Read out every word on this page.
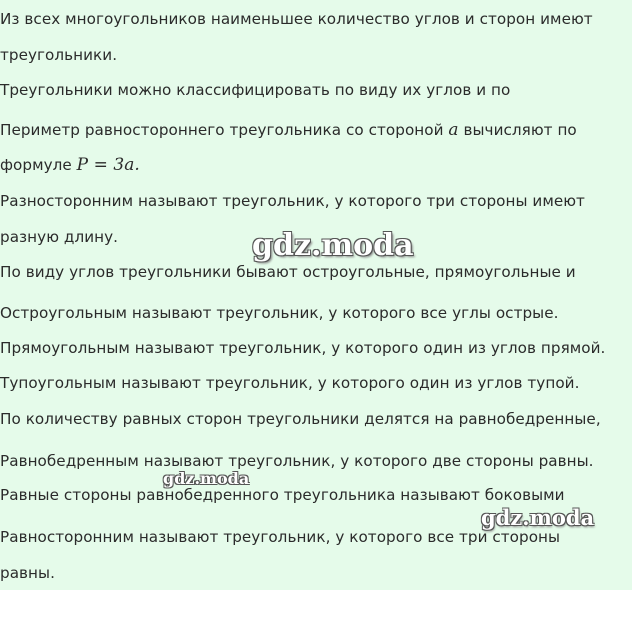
Из всех многоугольников наименьшее количество углов и сторон имеют

треугольники.

Треугольники можно классифицировать по виду их углов и по

Периметр равностороннего треугольника со стороной a вычисляют по

формуле P = 3a.

Разносторонним называют треугольник, у которого три стороны имеют

разную длину.

По виду углов треугольники бывают остроугольные, прямоугольные и

Остроугольным называют треугольник, у которого все углы острые.

Прямоугольным называют треугольник, у которого один из углов прямой.

Тупоугольным называют треугольник, у которого один из углов тупой.

По количеству равных сторон треугольники делятся на равнобедренные,

Равнобедренным называют треугольник, у которого две стороны равны.

Равные стороны равнобедренного треугольника называют боковыми

Равносторонним называют треугольник, у которого все три стороны

равны.

gdz.moda
gdz.moda
gdz.moda
